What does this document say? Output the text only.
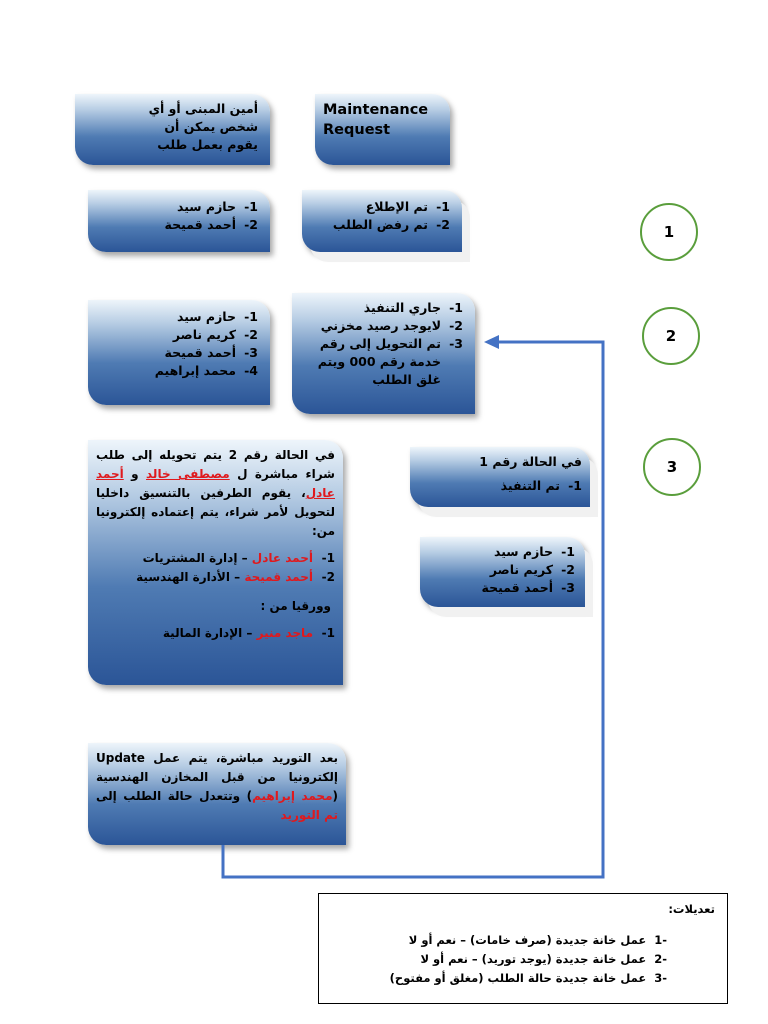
أمين المبنى أو أي
شخص يمكن أن
يقوم بعمل طلب
Maintenance
Request
1-
حازم سيد
2-
أحمد قميحة
1-
تم الإطلاع
2-
تم رفض الطلب	1
1-
حازم سيد
2-
كريم ناصر
3-
أحمد قميحة
4-
محمد إبراهيم
1-
جاري التنفيذ
2-
لايوجد رصيد مخزني
3-
تم التحويل إلى رقم خدمة رقم 000 ويتم غلق الطلب
2
في الحالة رقم 2 يتم تحويله إلى طلب شراء مباشرة ل مصطفى خالد و أحمد عادل، يقوم الطرفين بالتنسيق داخليا لتحويل لأمر شراء، يتم إعتماده إلكترونيا من:
1-
أحمد عادل – إدارة المشتريات
2-
أحمد قميحة – الأدارة الهندسية
وورقيا من :
1-
ماجد منير – الإدارة المالية
في الحالة رقم 1
1-
تم التنفيذ
3
1-
حازم سيد
2-
كريم ناصر
3-
أحمد قميحة
بعد التوريد مباشرة، يتم عمل Update إلكترونيا من قبل المخازن الهندسية (محمد إبراهيم) وتتعدل حالة الطلب إلى تم التوريد
تعديلات:
-1  عمل خانة جديدة (صرف خامات) – نعم أو لا
-2  عمل خانة جديدة (يوجد توريد) – نعم أو لا
-3  عمل خانة جديدة حالة الطلب (مغلق أو مفتوح)
